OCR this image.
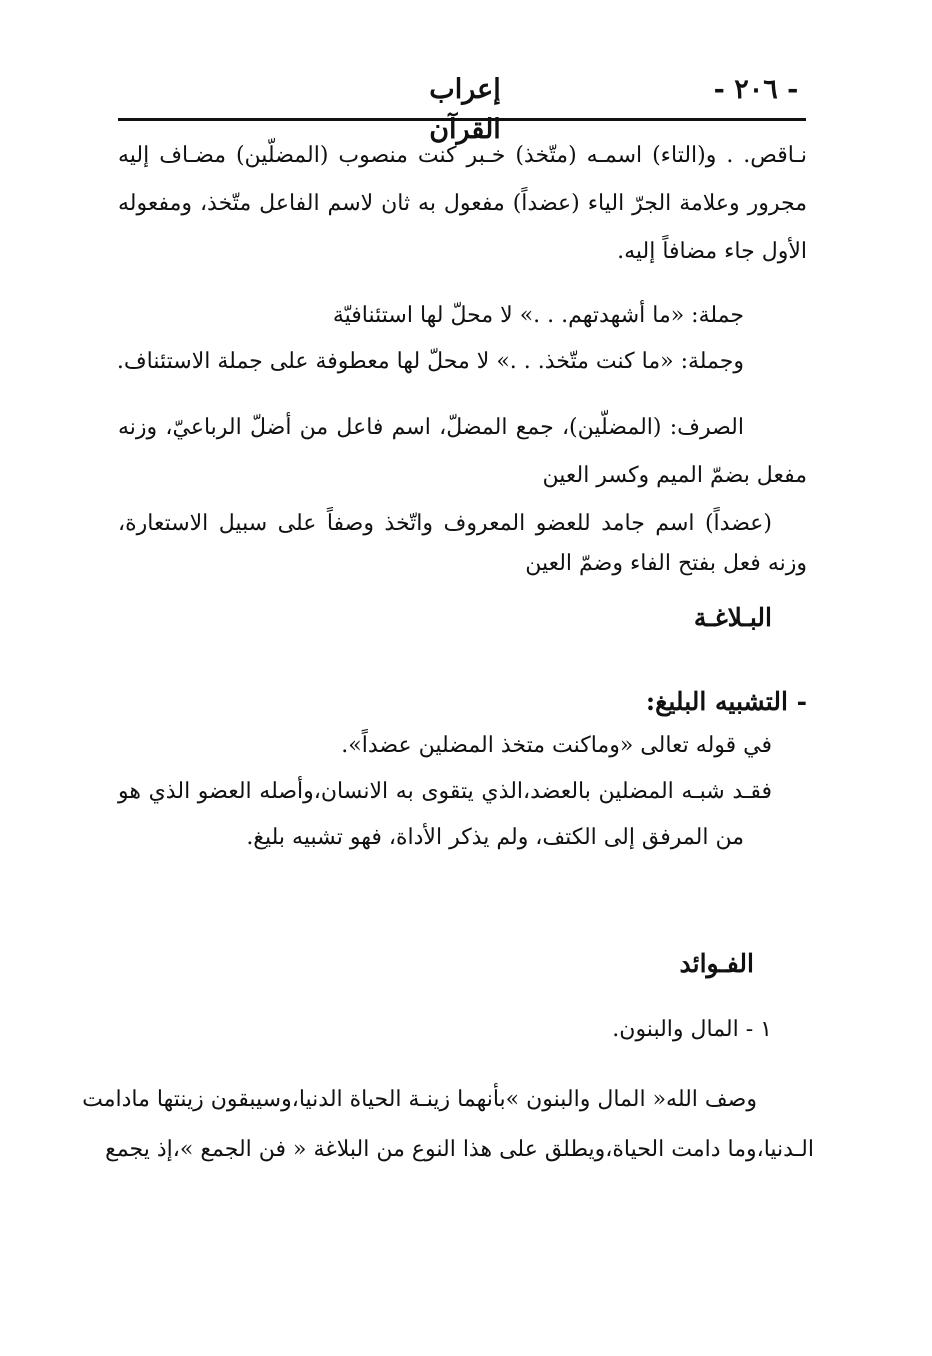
- ٢٠٦ -
إعراب القرآن
نـاقص. . و(التاء) اسمـه (متّخذ) خـبر كنت منصوب (المضلّين) مضـاف إليه
مجرور وعلامة الجرّ الياء (عضداً) مفعول به ثان لاسم الفاعل متّخذ، ومفعوله
الأول جاء مضافاً إليه.
جملة: «ما أشهدتهم. . .» لا محلّ لها استئنافيّة
وجملة: «ما كنت متّخذ. . .» لا محلّ لها معطوفة على جملة الاستئناف.
الصرف: (المضلّين)، جمع المضلّ، اسم فاعل من أضلّ الرباعيّ، وزنه
مفعل بضمّ الميم وكسر العين
(عضداً) اسم جامد للعضو المعروف واتّخذ وصفاً على سبيل الاستعارة،
وزنه فعل بفتح الفاء وضمّ العين
البـلاغـة
- التشبيه البليغ:
في قوله تعالى «وماكنت متخذ المضلين عضداً».
فقـد شبـه المضلين بالعضد،الذي يتقوى به الانسان،وأصله العضو الذي هو
من المرفق إلى الكتف، ولم يذكر الأداة، فهو تشبيه بليغ.
الفـوائد
١ - المال والبنون.
وصف الله« المال والبنون »بأنهما زينـة الحياة الدنيا،وسيبقون زينتها مادامت
الـدنيا،وما دامت الحياة،ويطلق على هذا النوع من البلاغة « فن الجمع »،إذ يجمع
